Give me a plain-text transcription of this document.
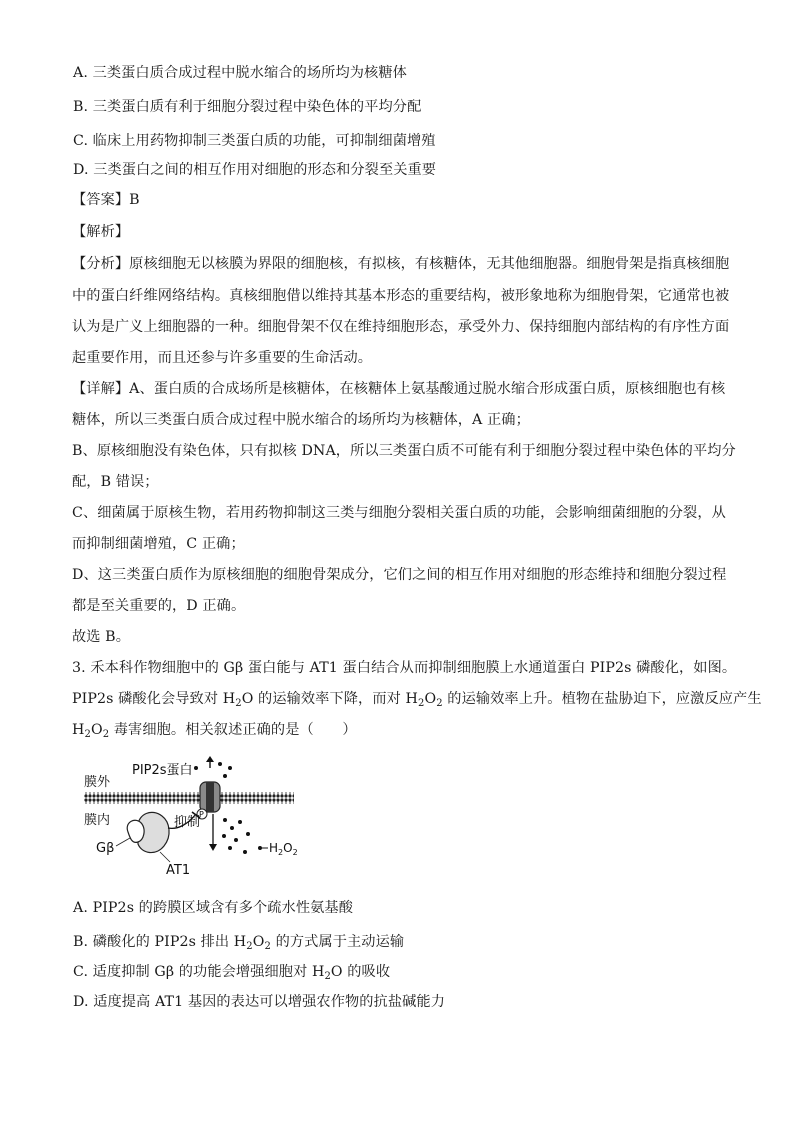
A. 三类蛋白质合成过程中脱水缩合的场所均为核糖体
B. 三类蛋白质有利于细胞分裂过程中染色体的平均分配
C. 临床上用药物抑制三类蛋白质的功能，可抑制细菌增殖
D. 三类蛋白之间的相互作用对细胞的形态和分裂至关重要
【答案】B
【解析】
【分析】原核细胞无以核膜为界限的细胞核，有拟核，有核糖体，无其他细胞器。细胞骨架是指真核细胞
中的蛋白纤维网络结构。真核细胞借以维持其基本形态的重要结构，被形象地称为细胞骨架，它通常也被
认为是广义上细胞器的一种。细胞骨架不仅在维持细胞形态，承受外力、保持细胞内部结构的有序性方面
起重要作用，而且还参与许多重要的生命活动。
【详解】A、蛋白质的合成场所是核糖体，在核糖体上氨基酸通过脱水缩合形成蛋白质，原核细胞也有核
糖体，所以三类蛋白质合成过程中脱水缩合的场所均为核糖体，A 正确；
B、原核细胞没有染色体，只有拟核 DNA，所以三类蛋白质不可能有利于细胞分裂过程中染色体的平均分
配，B 错误；
C、细菌属于原核生物，若用药物抑制这三类与细胞分裂相关蛋白质的功能，会影响细菌细胞的分裂，从
而抑制细菌增殖，C 正确；
D、这三类蛋白质作为原核细胞的细胞骨架成分，它们之间的相互作用对细胞的形态维持和细胞分裂过程
都是至关重要的，D 正确。
故选 B。
3. 禾本科作物细胞中的 Gβ 蛋白能与 AT1 蛋白结合从而抑制细胞膜上水通道蛋白 PIP2s 磷酸化，如图。
PIP2s 磷酸化会导致对 $H_2O$ 的运输效率下降，而对 $H_2O_2$ 的运输效率上升。植物在盐胁迫下，应激反应产生
$H_2O_2$ 毒害细胞。相关叙述正确的是（　　）
膜外
膜内
PIP2s蛋白
P
$H_2O_2$
Gβ
AT1
抑制
A. PIP2s 的跨膜区域含有多个疏水性氨基酸
B. 磷酸化的 PIP2s 排出 $H_2O_2$ 的方式属于主动运输
C. 适度抑制 Gβ 的功能会增强细胞对 $H_2O$ 的吸收
D. 适度提高 AT1 基因的表达可以增强农作物的抗盐碱能力
